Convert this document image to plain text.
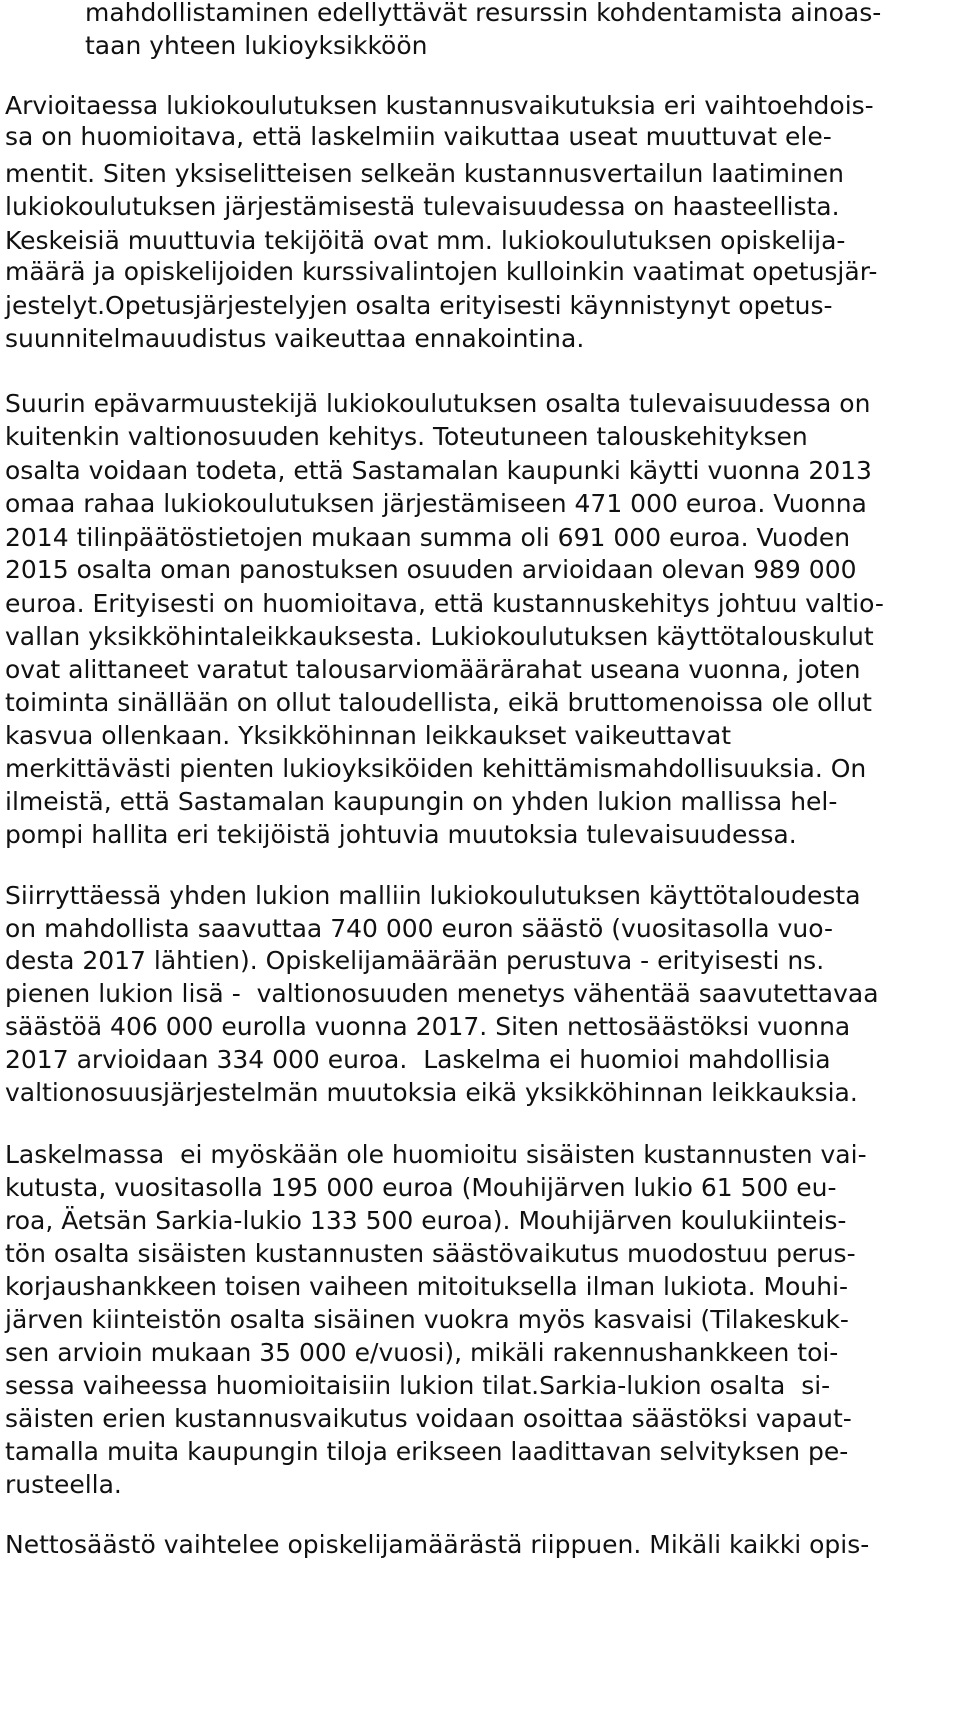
mahdollistaminen edellyttävät resurssin kohdentamista ainoas-
taan yhteen lukioyksikköön
Arvioitaessa lukiokoulutuksen kustannusvaikutuksia eri vaihtoehdois-
sa on huomioitava, että laskelmiin vaikuttaa useat muuttuvat ele-
mentit. Siten yksiselitteisen selkeän kustannusvertailun laatiminen
lukiokoulutuksen järjestämisestä tulevaisuudessa on haasteellista.
Keskeisiä muuttuvia tekijöitä ovat mm. lukiokoulutuksen opiskelija-
määrä ja opiskelijoiden kurssivalintojen kulloinkin vaatimat opetusjär-
jestelyt.Opetusjärjestelyjen osalta erityisesti käynnistynyt opetus-
suunnitelmauudistus vaikeuttaa ennakointina.
Suurin epävarmuustekijä lukiokoulutuksen osalta tulevaisuudessa on
kuitenkin valtionosuuden kehitys. Toteutuneen talouskehityksen
osalta voidaan todeta, että Sastamalan kaupunki käytti vuonna 2013
omaa rahaa lukiokoulutuksen järjestämiseen 471 000 euroa. Vuonna
2014 tilinpäätöstietojen mukaan summa oli 691 000 euroa. Vuoden
2015 osalta oman panostuksen osuuden arvioidaan olevan 989 000
euroa. Erityisesti on huomioitava, että kustannuskehitys johtuu valtio-
vallan yksikköhintaleikkauksesta. Lukiokoulutuksen käyttötalouskulut
ovat alittaneet varatut talousarviomäärärahat useana vuonna, joten
toiminta sinällään on ollut taloudellista, eikä bruttomenoissa ole ollut
kasvua ollenkaan. Yksikköhinnan leikkaukset vaikeuttavat
merkittävästi pienten lukioyksiköiden kehittämismahdollisuuksia. On
ilmeistä, että Sastamalan kaupungin on yhden lukion mallissa hel-
pompi hallita eri tekijöistä johtuvia muutoksia tulevaisuudessa.
Siirryttäessä yhden lukion malliin lukiokoulutuksen käyttötaloudesta
on mahdollista saavuttaa 740 000 euron säästö (vuositasolla vuo-
desta 2017 lähtien). Opiskelijamäärään perustuva - erityisesti ns.
pienen lukion lisä -  valtionosuuden menetys vähentää saavutettavaa
säästöä 406 000 eurolla vuonna 2017. Siten nettosäästöksi vuonna
2017 arvioidaan 334 000 euroa.  Laskelma ei huomioi mahdollisia
valtionosuusjärjestelmän muutoksia eikä yksikköhinnan leikkauksia.
Laskelmassa  ei myöskään ole huomioitu sisäisten kustannusten vai-
kutusta, vuositasolla 195 000 euroa (Mouhijärven lukio 61 500 eu-
roa, Äetsän Sarkia-lukio 133 500 euroa). Mouhijärven koulukiinteis-
tön osalta sisäisten kustannusten säästövaikutus muodostuu perus-
korjaushankkeen toisen vaiheen mitoituksella ilman lukiota. Mouhi-
järven kiinteistön osalta sisäinen vuokra myös kasvaisi (Tilakeskuk-
sen arvioin mukaan 35 000 e/vuosi), mikäli rakennushankkeen toi-
sessa vaiheessa huomioitaisiin lukion tilat.Sarkia-lukion osalta  si-
säisten erien kustannusvaikutus voidaan osoittaa säästöksi vapaut-
tamalla muita kaupungin tiloja erikseen laadittavan selvityksen pe-
rusteella.
Nettosäästö vaihtelee opiskelijamäärästä riippuen. Mikäli kaikki opis-
